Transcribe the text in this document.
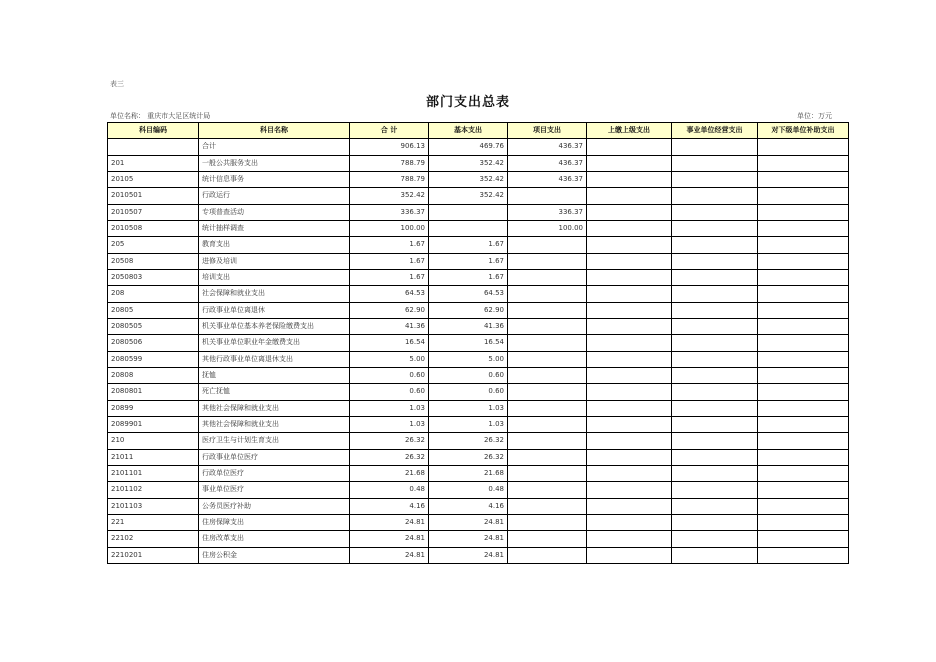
表三
部门支出总表
单位名称： 重庆市大足区统计局	单位：万元
科目编码	科目名称	合 计	基本支出	项目支出	上缴上级支出	事业单位经营支出	对下级单位补助支出
	合计	906.13	469.76	436.37			
201	一般公共服务支出	788.79	352.42	436.37			
20105	统计信息事务	788.79	352.42	436.37			
2010501	行政运行	352.42	352.42				
2010507	专项普查活动	336.37		336.37			
2010508	统计抽样调查	100.00		100.00			
205	教育支出	1.67	1.67				
20508	进修及培训	1.67	1.67				
2050803	培训支出	1.67	1.67				
208	社会保障和就业支出	64.53	64.53				
20805	行政事业单位离退休	62.90	62.90				
2080505	机关事业单位基本养老保险缴费支出	41.36	41.36				
2080506	机关事业单位职业年金缴费支出	16.54	16.54				
2080599	其他行政事业单位离退休支出	5.00	5.00				
20808	抚恤	0.60	0.60				
2080801	死亡抚恤	0.60	0.60				
20899	其他社会保障和就业支出	1.03	1.03				
2089901	其他社会保障和就业支出	1.03	1.03				
210	医疗卫生与计划生育支出	26.32	26.32				
21011	行政事业单位医疗	26.32	26.32				
2101101	行政单位医疗	21.68	21.68				
2101102	事业单位医疗	0.48	0.48				
2101103	公务员医疗补助	4.16	4.16				
221	住房保障支出	24.81	24.81				
22102	住房改革支出	24.81	24.81				
2210201	住房公积金	24.81	24.81				
